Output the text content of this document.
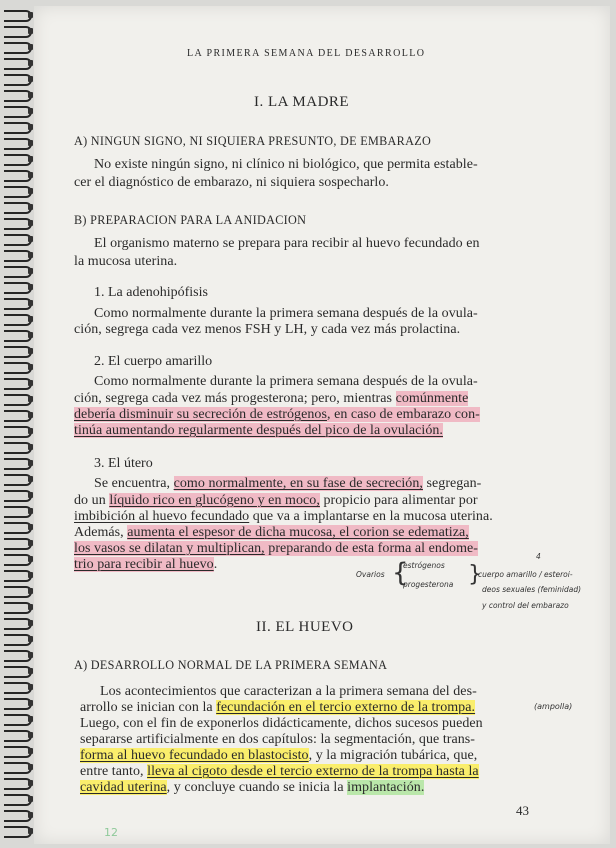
LA PRIMERA SEMANA DEL DESARROLLO
I. LA MADRE
A) NINGUN SIGNO, NI SIQUIERA PRESUNTO, DE EMBARAZO
No existe ningún signo, ni clínico ni biológico, que permita estable-
cer el diagnóstico de embarazo, ni siquiera sospecharlo.
B) PREPARACION PARA LA ANIDACION
El organismo materno se prepara para recibir al huevo fecundado en
la mucosa uterina.
1. La adenohipófisis
Como normalmente durante la primera semana después de la ovula-
ción, segrega cada vez menos FSH y LH, y cada vez más prolactina.
2. El cuerpo amarillo
Como normalmente durante la primera semana después de la ovula-
ción, segrega cada vez más progesterona; pero, mientras comúnmente
debería disminuir su secreción de estrógenos, en caso de embarazo con-
tinúa aumentando regularmente después del pico de la ovulación.
3. El útero
Se encuentra, como normalmente, en su fase de secreción, segregan-
do un líquido rico en glucógeno y en moco, propicio para alimentar por
imbibición al huevo fecundado que va a implantarse en la mucosa uterina.
Además, aumenta el espesor de dicha mucosa, el corion se edematiza,
los vasos se dilatan y multiplican, preparando de esta forma al endome-
trio para recibir al huevo.
Ovarios {
estrógenos
progesterona }
4
cuerpo amarillo / esteroi-
deos sexuales (feminidad)
y control del embarazo
II. EL HUEVO
A) DESARROLLO NORMAL DE LA PRIMERA SEMANA
Los acontecimientos que caracterizan a la primera semana del des-
arrollo se inician con la fecundación en el tercio externo de la trompa.	(ampolla)
Luego, con el fin de exponerlos didácticamente, dichos sucesos pueden
separarse artificialmente en dos capítulos: la segmentación, que trans-
forma al huevo fecundado en blastocisto, y la migración tubárica, que,
entre tanto, lleva al cigoto desde el tercio externo de la trompa hasta la
cavidad uterina, y concluye cuando se inicia la implantación.
43
12
